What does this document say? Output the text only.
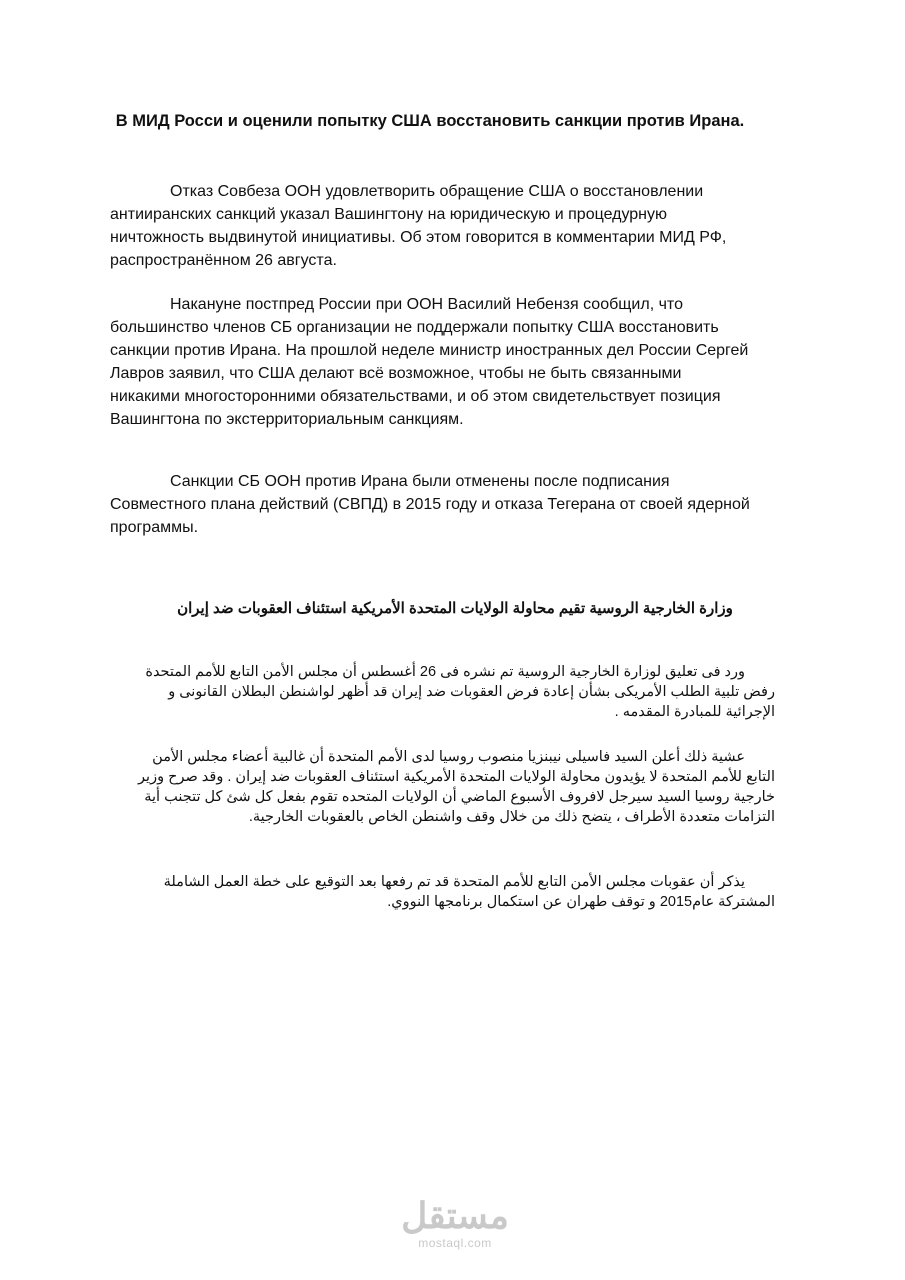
В МИД Росси и оценили попытку США восстановить санкции против Ирана.

Отказ Совбеза ООН удовлетворить обращение США о восстановлении антииранских санкций указал Вашингтону на юридическую и процедурную ничтожность выдвинутой инициативы. Об этом говорится в комментарии МИД РФ, распространённом 26 августа.

Накануне постпред России при ООН Василий Небензя сообщил, что большинство членов СБ организации не поддержали попытку США восстановить санкции против Ирана. На прошлой неделе министр иностранных дел России Сергей Лавров заявил, что США делают всё возможное, чтобы не быть связанными никакими многосторонними обязательствами, и об этом свидетельствует позиция Вашингтона по экстерриториальным санкциям.

Санкции СБ ООН против Ирана были отменены после подписания Совместного плана действий (СВПД) в 2015 году и отказа Тегерана от своей ядерной программы.

وزارة الخارجية الروسية تقيم محاولة الولايات المتحدة الأمريكية استئناف العقوبات ضد إيران

ورد فى تعليق لوزارة الخارجية الروسية تم نشره فى 26 أغسطس أن مجلس الأمن التابع للأمم المتحدة رفض تلبية الطلب الأمريكى بشأن إعادة فرض العقوبات ضد إيران قد أظهر لواشنطن البطلان القانونى و الإجرائية للمبادرة المقدمه .

عشية ذلك أعلن السيد فاسيلى نيبنزيا منصوب روسيا لدى الأمم المتحدة أن غالبية أعضاء مجلس الأمن التابع للأمم المتحدة لا يؤيدون محاولة الولايات المتحدة الأمريكية استئناف العقوبات ضد إيران . وقد صرح وزير خارجية روسيا السيد سيرجل لافروف الأسبوع الماضي أن الولايات المتحده تقوم بفعل كل شئ كل تتجنب أية التزامات متعددة الأطراف ، يتضح ذلك من خلال وقف واشنطن الخاص بالعقوبات الخارجية.

يذكر أن عقوبات مجلس الأمن التابع للأمم المتحدة قد تم رفعها بعد التوقيع على خطة العمل الشاملة المشتركة عام2015 و توقف طهران عن استكمال برنامجها النووي.

مستقل
mostaql.com
